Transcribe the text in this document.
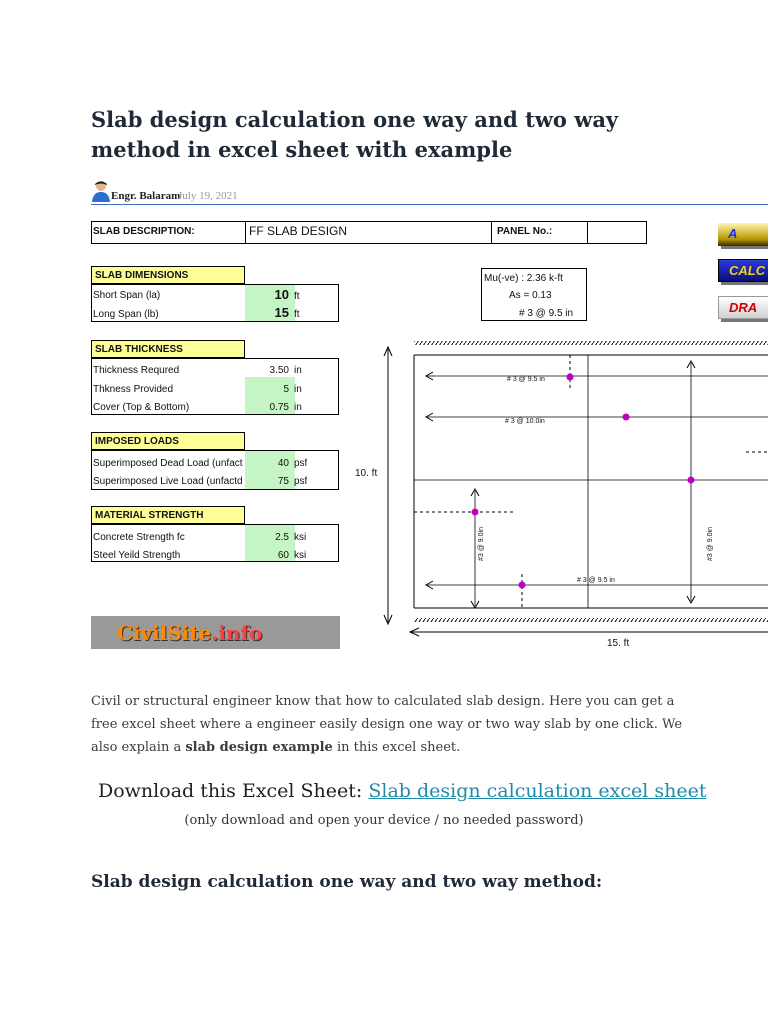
Slab design calculation one way and two way method in excel sheet with example
Engr. Balaram
July 19, 2021
SLAB DESCRIPTION:	FF SLAB DESIGN	PANEL No.:
SLAB DIMENSIONS
Short Span (la)	10 ft
Long Span (lb)	15 ft
SLAB THICKNESS
Thickness Requred	3.50 in
Thkness Provided	5 in
Cover (Top & Bottom)	0.75 in
IMPOSED LOADS
Superimposed Dead Load (unfact	40 psf
Superimposed Live Load (unfactd	75 psf
MATERIAL STRENGTH
Concrete Strength fc	2.5 ksi
Steel Yeild Strength	60 ksi
Mu(-ve) : 2.36 k-ft
As = 0.13
# 3 @ 9.5 in
A
CALC
DRA
CivilSite.info
10. ft
15. ft
# 3 @ 9.5 in
# 3 @ 10.0in
# 3 @ 9.5 in
#3 @ 9.0in	#3 @ 9.0in

Civil or structural engineer know that how to calculated slab design. Here you can get a free excel sheet where a engineer easily design one way or two way slab by one click. We also explain a slab design example in this excel sheet.

Download this Excel Sheet: Slab design calculation excel sheet
(only download and open your device / no needed password)
Slab design calculation one way and two way method:
